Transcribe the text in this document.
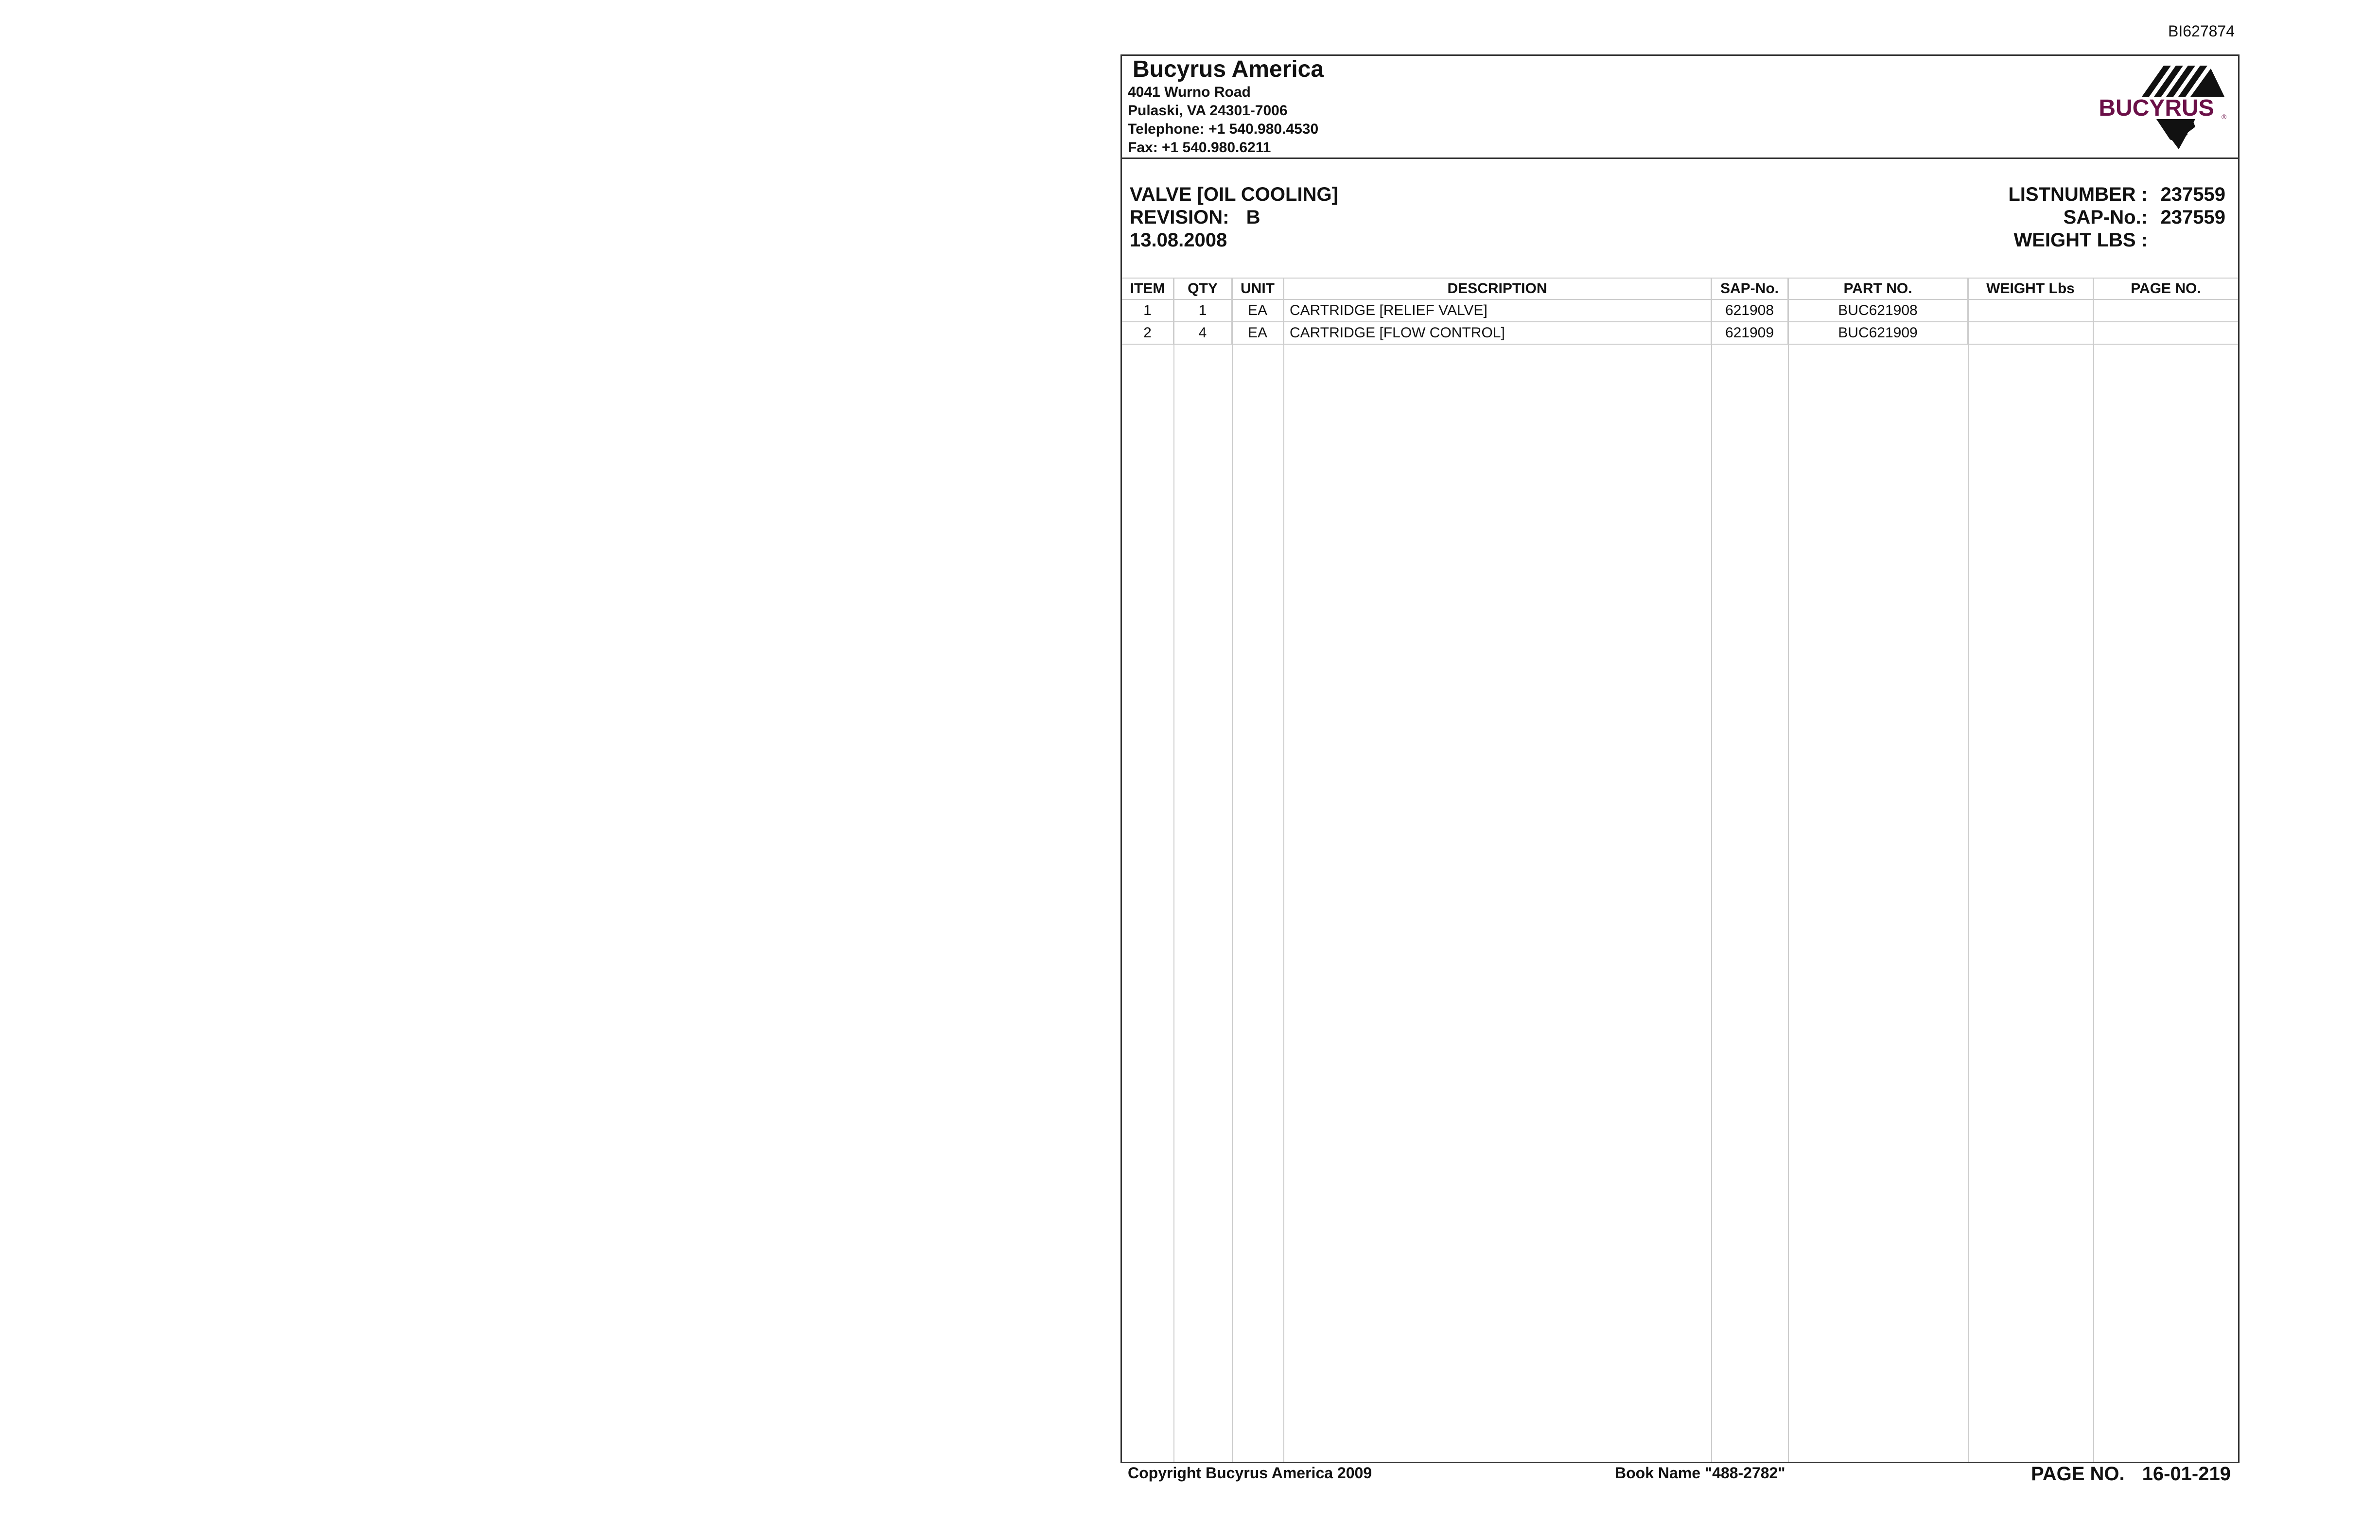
BI627874
Bucyrus America
4041 Wurno Road
Pulaski, VA 24301-7006
Telephone: +1 540.980.4530
Fax: +1 540.980.6211
BUCYRUS ®
VALVE [OIL COOLING]
REVISION: B
13.08.2008
LISTNUMBER : 237559
SAP-No.: 237559
WEIGHT LBS :
ITEM	QTY	UNIT	DESCRIPTION	SAP-No.	PART NO.	WEIGHT Lbs	PAGE NO.
1	1	EA	CARTRIDGE [RELIEF VALVE]	621908	BUC621908		
2	4	EA	CARTRIDGE [FLOW CONTROL]	621909	BUC621909		
Copyright Bucyrus America 2009	Book Name "488-2782"	PAGE NO. 16-01-219
